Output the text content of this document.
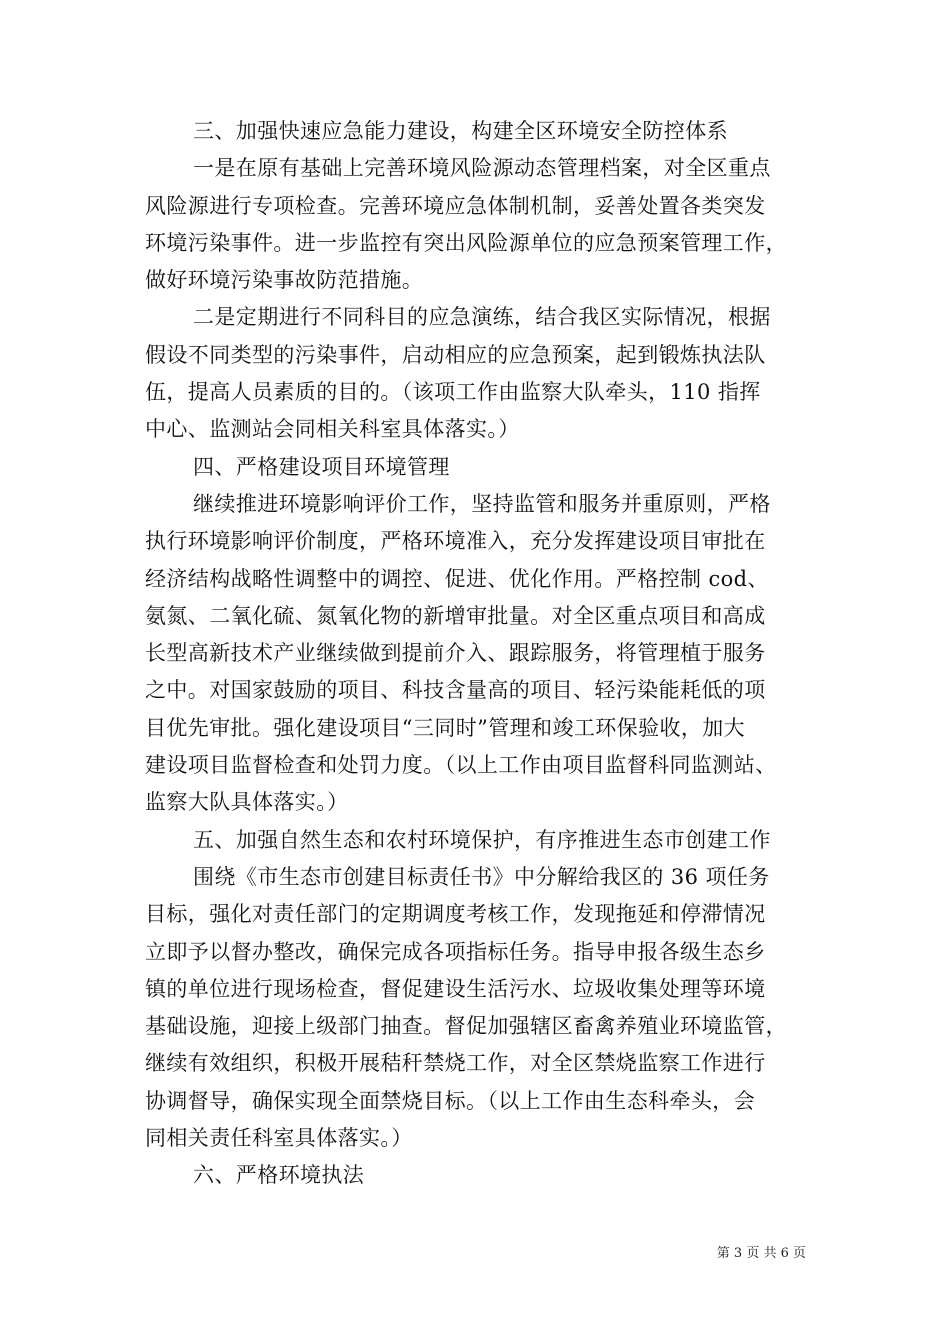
三、加强快速应急能力建设，构建全区环境安全防控体系
一是在原有基础上完善环境风险源动态管理档案，对全区重点
风险源进行专项检查。完善环境应急体制机制，妥善处置各类突发
环境污染事件。进一步监控有突出风险源单位的应急预案管理工作，
做好环境污染事故防范措施。
二是定期进行不同科目的应急演练，结合我区实际情况，根据
假设不同类型的污染事件，启动相应的应急预案，起到锻炼执法队
伍，提高人员素质的目的。（该项工作由监察大队牵头，110 指挥
中心、监测站会同相关科室具体落实。）
四、严格建设项目环境管理
继续推进环境影响评价工作，坚持监管和服务并重原则，严格
执行环境影响评价制度，严格环境准入，充分发挥建设项目审批在
经济结构战略性调整中的调控、促进、优化作用。严格控制 cod、
氨氮、二氧化硫、氮氧化物的新增审批量。对全区重点项目和高成
长型高新技术产业继续做到提前介入、跟踪服务，将管理植于服务
之中。对国家鼓励的项目、科技含量高的项目、轻污染能耗低的项
目优先审批。强化建设项目“三同时”管理和竣工环保验收，加大
建设项目监督检查和处罚力度。（以上工作由项目监督科同监测站、
监察大队具体落实。）
五、加强自然生态和农村环境保护，有序推进生态市创建工作
围绕《市生态市创建目标责任书》中分解给我区的 36 项任务
目标，强化对责任部门的定期调度考核工作，发现拖延和停滞情况
立即予以督办整改，确保完成各项指标任务。指导申报各级生态乡
镇的单位进行现场检查，督促建设生活污水、垃圾收集处理等环境
基础设施，迎接上级部门抽查。督促加强辖区畜禽养殖业环境监管，
继续有效组织，积极开展秸秆禁烧工作，对全区禁烧监察工作进行
协调督导，确保实现全面禁烧目标。（以上工作由生态科牵头，会
同相关责任科室具体落实。）
六、严格环境执法
第 3 页 共 6 页
